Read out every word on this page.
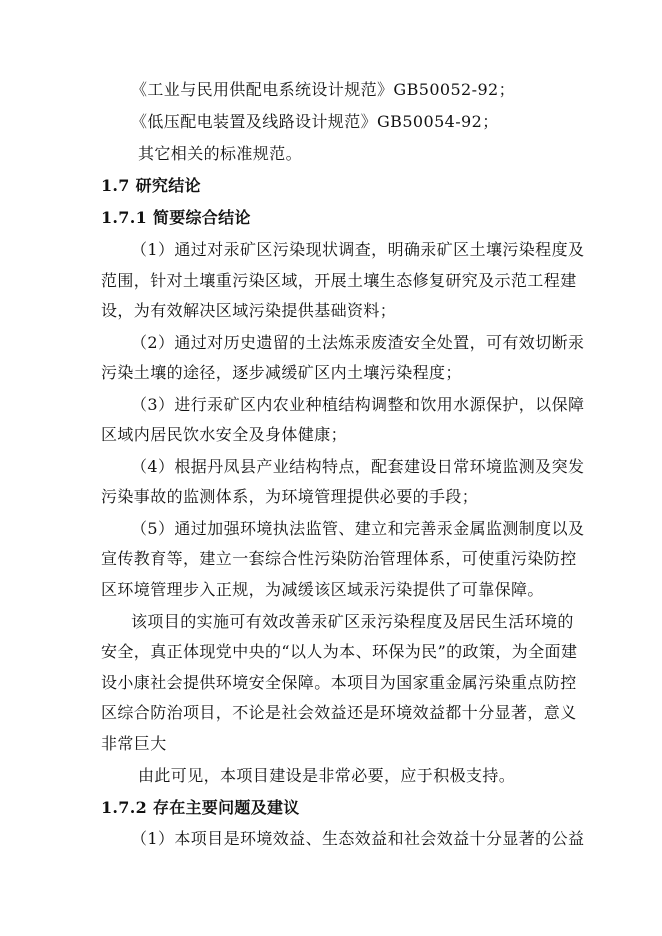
《工业与民用供配电系统设计规范》GB50052-92；
《低压配电装置及线路设计规范》GB50054-92；
其它相关的标准规范。
1.7 研究结论
1.7.1 简要综合结论
（1）通过对汞矿区污染现状调查，明确汞矿区土壤污染程度及
范围，针对土壤重污染区域，开展土壤生态修复研究及示范工程建
设，为有效解决区域污染提供基础资料；
（2）通过对历史遗留的土法炼汞废渣安全处置，可有效切断汞
污染土壤的途径，逐步减缓矿区内土壤污染程度；
（3）进行汞矿区内农业种植结构调整和饮用水源保护，以保障
区域内居民饮水安全及身体健康；
（4）根据丹凤县产业结构特点，配套建设日常环境监测及突发
污染事故的监测体系，为环境管理提供必要的手段；
（5）通过加强环境执法监管、建立和完善汞金属监测制度以及
宣传教育等，建立一套综合性污染防治管理体系，可使重污染防控
区环境管理步入正规，为减缓该区域汞污染提供了可靠保障。
该项目的实施可有效改善汞矿区汞污染程度及居民生活环境的
安全，真正体现党中央的“以人为本、环保为民”的政策，为全面建
设小康社会提供环境安全保障。本项目为国家重金属污染重点防控
区综合防治项目，不论是社会效益还是环境效益都十分显著，意义
非常巨大
由此可见，本项目建设是非常必要，应于积极支持。
1.7.2 存在主要问题及建议
（1）本项目是环境效益、生态效益和社会效益十分显著的公益
